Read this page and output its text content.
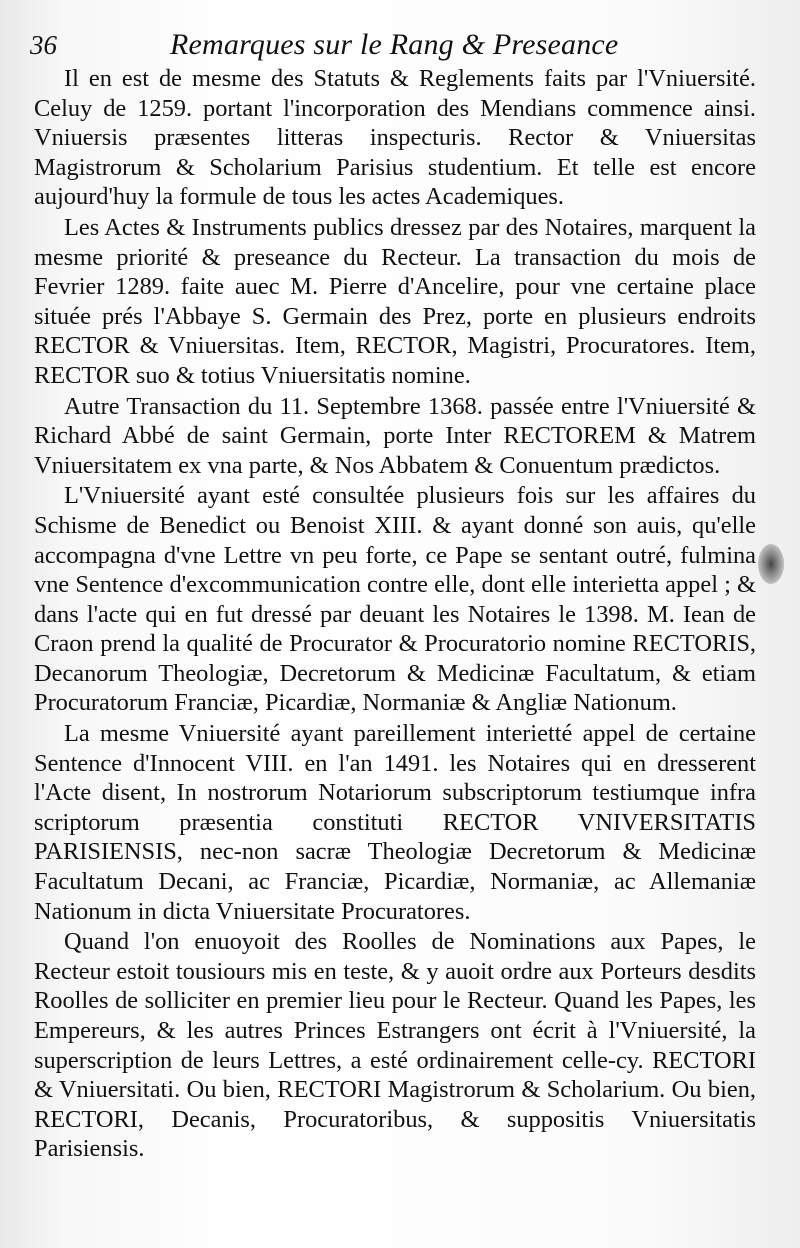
36	Remarques sur le Rang & Preseance

Il en est de mesme des Statuts & Reglements faits par l'Vniuersité. Celuy de 1259. portant l'incorporation des Mendians commence ainsi. Vniuersis præsentes litteras inspecturis. Rector & Vniuersitas Magistrorum & Scholarium Parisius studentium. Et telle est encore aujourd'huy la formule de tous les actes Academiques.

Les Actes & Instruments publics dressez par des Notaires, marquent la mesme priorité & preseance du Recteur. La transaction du mois de Fevrier 1289. faite auec M. Pierre d'Ancelire, pour vne certaine place située prés l'Abbaye S. Germain des Prez, porte en plusieurs endroits RECTOR & Vniuersitas. Item, RECTOR, Magistri, Procuratores. Item, RECTOR suo & totius Vniuersitatis nomine.

Autre Transaction du 11. Septembre 1368. passée entre l'Vniuersité & Richard Abbé de saint Germain, porte Inter RECTOREM & Matrem Vniuersitatem ex vna parte, & Nos Abbatem & Conuentum prædictos.

L'Vniuersité ayant esté consultée plusieurs fois sur les affaires du Schisme de Benedict ou Benoist XIII. & ayant donné son auis, qu'elle accompagna d'vne Lettre vn peu forte, ce Pape se sentant outré, fulmina vne Sentence d'excommunication contre elle, dont elle interietta appel ; & dans l'acte qui en fut dressé par deuant les Notaires le 1398. M. Iean de Craon prend la qualité de Procurator & Procuratorio nomine RECTORIS, Decanorum Theologiæ, Decretorum & Medicinæ Facultatum, & etiam Procuratorum Franciæ, Picardiæ, Normaniæ & Angliæ Nationum.

La mesme Vniuersité ayant pareillement interietté appel de certaine Sentence d'Innocent VIII. en l'an 1491. les Notaires qui en dresserent l'Acte disent, In nostrorum Notariorum subscriptorum testiumque infra scriptorum præsentia constituti RECTOR VNIVERSITATIS PARISIENSIS, nec-non sacræ Theologiæ Decretorum & Medicinæ Facultatum Decani, ac Franciæ, Picardiæ, Normaniæ, ac Allemaniæ Nationum in dicta Vniuersitate Procuratores.

Quand l'on enuoyoit des Roolles de Nominations aux Papes, le Recteur estoit tousiours mis en teste, & y auoit ordre aux Porteurs desdits Roolles de solliciter en premier lieu pour le Recteur. Quand les Papes, les Empereurs, & les autres Princes Estrangers ont écrit à l'Vniuersité, la superscription de leurs Lettres, a esté ordinairement celle-cy. RECTORI & Vniuersitati. Ou bien, RECTORI Magistrorum & Scholarium. Ou bien, RECTORI, Decanis, Procuratoribus, & suppositis Vniuersitatis Parisiensis.
